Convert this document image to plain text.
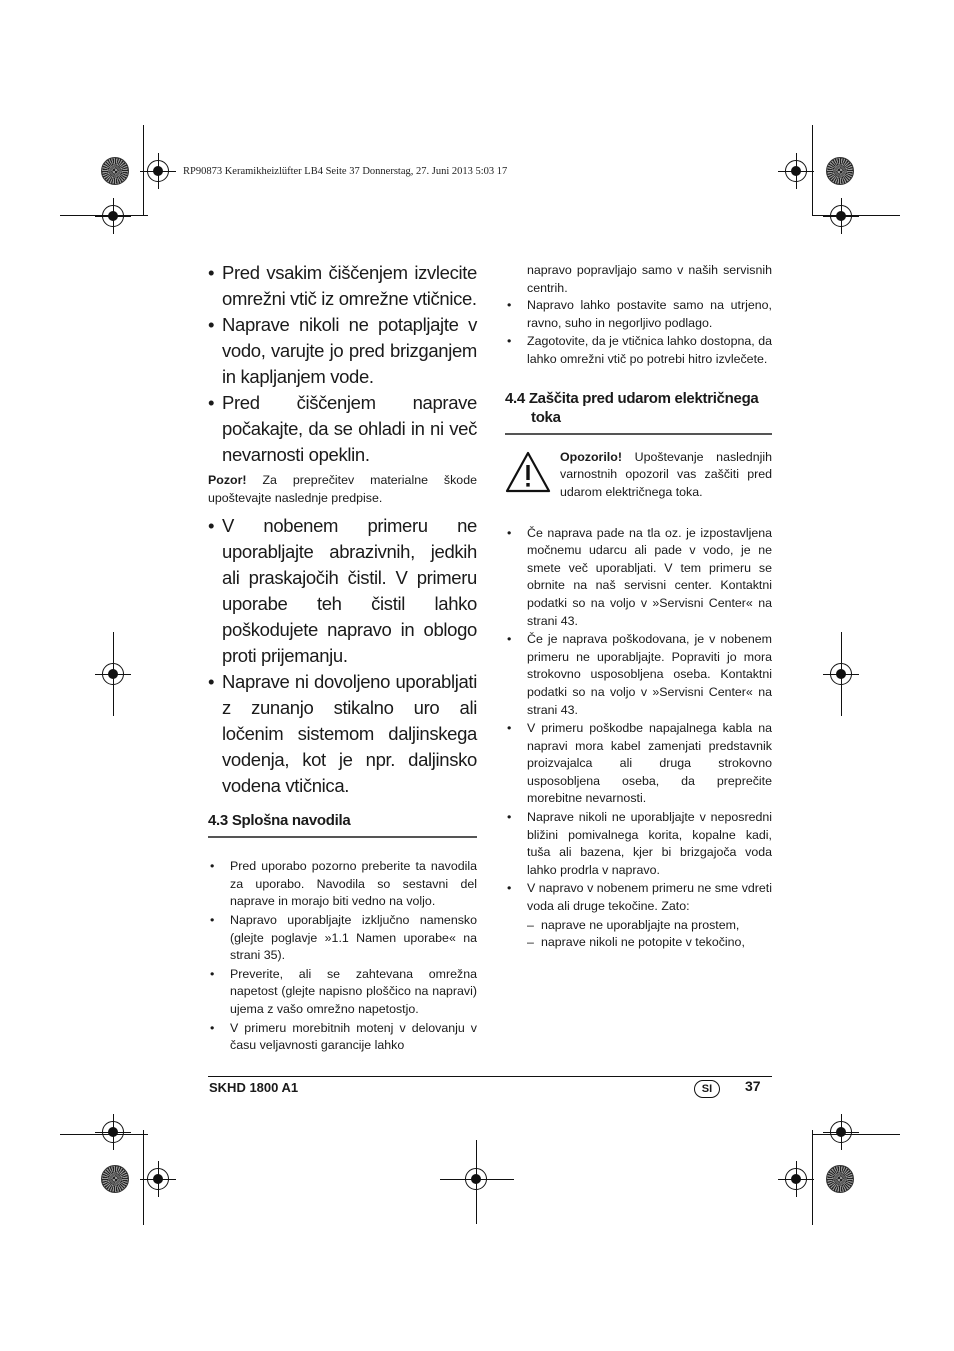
RP90873 Keramikheizlüfter LB4 Seite 37 Donnerstag, 27. Juni 2013 5:03 17
• Pred vsakim čiščenjem izvlecite omrežni vtič iz omrežne vtičnice.
• Naprave nikoli ne potapljajte v vodo, varujte jo pred brizganjem in kapljanjem vode.
• Pred čiščenjem naprave počakajte, da se ohladi in ni več nevarnosti opeklin.
Pozor! Za preprečitev materialne škode upoštevajte naslednje predpise.
• V nobenem primeru ne uporabljajte abrazivnih, jedkih ali praskajočih čistil. V primeru uporabe teh čistil lahko poškodujete napravo in oblogo proti prijemanju.
• Naprave ni dovoljeno uporabljati z zunanjo stikalno uro ali ločenim sistemom daljinskega vodenja, kot je npr. daljinsko vodena vtičnica.
4.3 Splošna navodila
• Pred uporabo pozorno preberite ta navodila za uporabo. Navodila so sestavni del naprave in morajo biti vedno na voljo.
• Napravo uporabljajte izključno namensko (glejte poglavje »1.1 Namen uporabe« na strani 35).
• Preverite, ali se zahtevana omrežna napetost (glejte napisno ploščico na napravi) ujema z vašo omrežno napetostjo.
• V primeru morebitnih motenj v delovanju v času veljavnosti garancije lahko
napravo popravljajo samo v naših servisnih centrih.
• Napravo lahko postavite samo na utrjeno, ravno, suho in negorljivo podlago.
• Zagotovite, da je vtičnica lahko dostopna, da lahko omrežni vtič po potrebi hitro izvlečete.
4.4 Zaščita pred udarom električnega
toka
Opozorilo! Upoštevanje naslednjih varnostnih opozoril vas zaščiti pred udarom električnega toka.
• Če naprava pade na tla oz. je izpostavljena močnemu udarcu ali pade v vodo, je ne smete več uporabljati. V tem primeru se obrnite na naš servisni center. Kontaktni podatki so na voljo v »Servisni Center« na strani 43.
• Če je naprava poškodovana, je v nobenem primeru ne uporabljajte. Popraviti jo mora strokovno usposobljena oseba. Kontaktni podatki so na voljo v »Servisni Center« na strani 43.
• V primeru poškodbe napajalnega kabla na napravi mora kabel zamenjati predstavnik proizvajalca ali druga strokovno usposobljena oseba, da preprečite morebitne nevarnosti.
• Naprave nikoli ne uporabljajte v neposredni bližini pomivalnega korita, kopalne kadi, tuša ali bazena, kjer bi brizgajoča voda lahko prodrla v napravo.
• V napravo v nobenem primeru ne sme vdreti voda ali druge tekočine. Zato:
– naprave ne uporabljajte na prostem,
– naprave nikoli ne potopite v tekočino,
SKHD 1800 A1	SI	37
